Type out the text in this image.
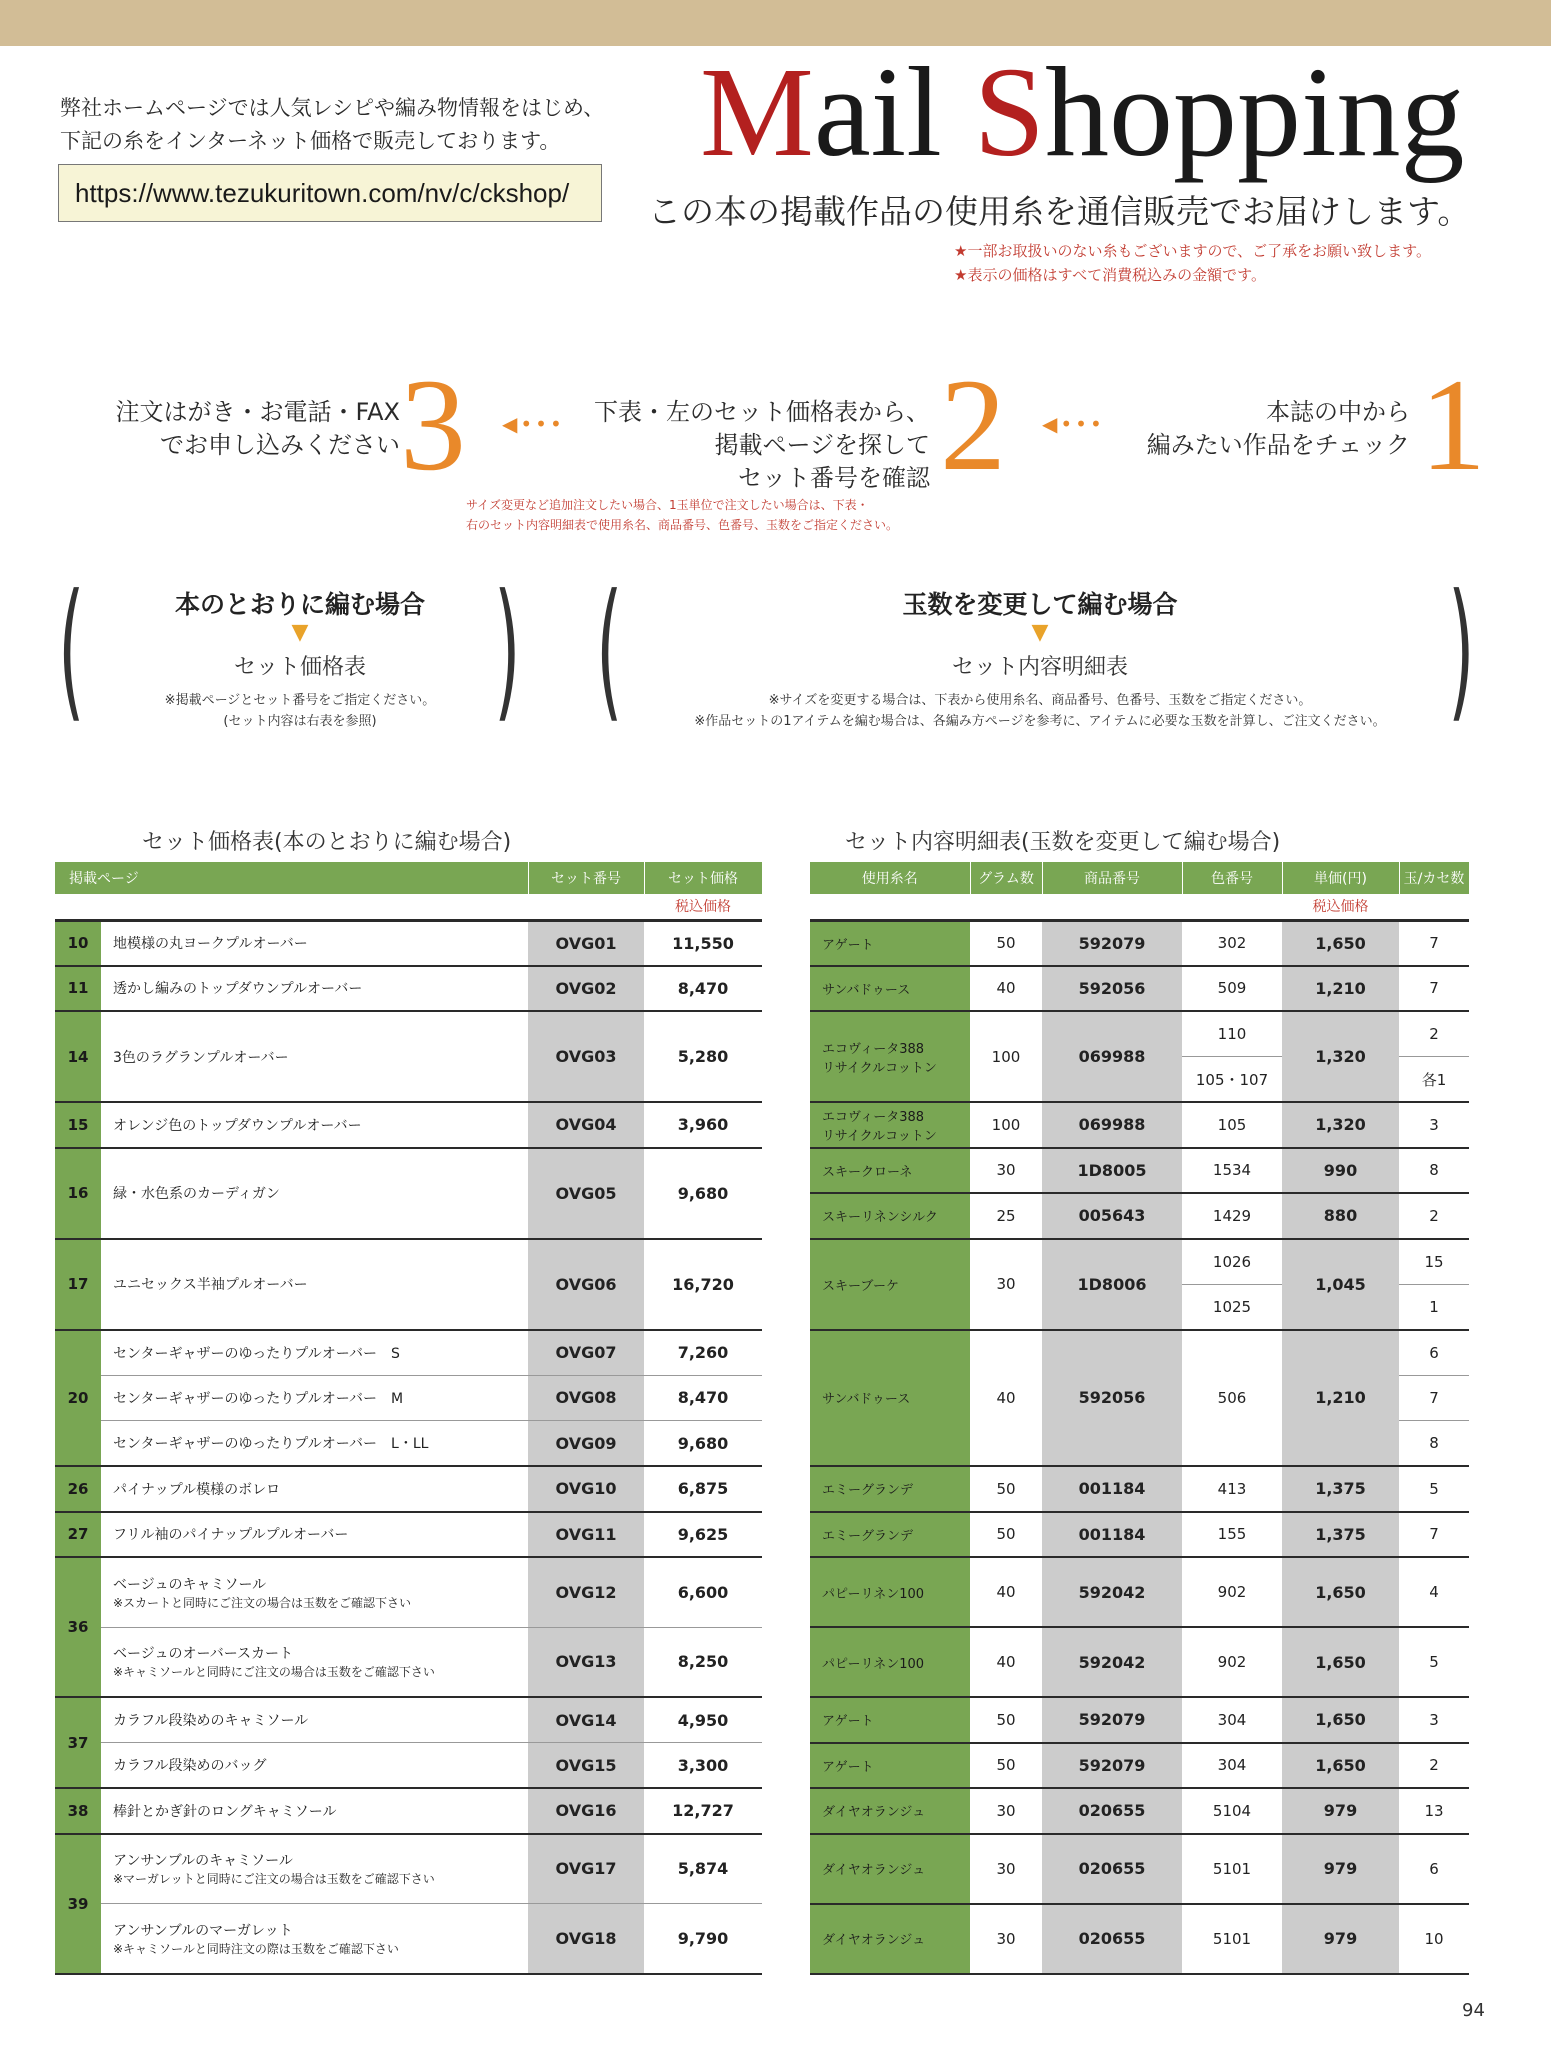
弊社ホームページでは人気レシピや編み物情報をはじめ、
下記の糸をインターネット価格で販売しております。
https://www.tezukuritown.com/nv/c/ckshop/
Mail Shopping
この本の掲載作品の使用糸を通信販売でお届けします。
★一部お取扱いのない糸もございますので、ご了承をお願い致します。
★表示の価格はすべて消費税込みの金額です。
本誌の中から
編みたい作品をチェック 1
◀•••
下表・左のセット価格表から、
掲載ページを探して
セット番号を確認 2
◀•••
注文はがき・お電話・FAX
でお申し込みください 3
サイズ変更など追加注文したい場合、1玉単位で注文したい場合は、下表・
右のセット内容明細表で使用糸名、商品番号、色番号、玉数をご指定ください。
(	)
本のとおりに編む場合
▼
セット価格表
※掲載ページとセット番号をご指定ください。
(セット内容は右表を参照)	(	)
玉数を変更して編む場合
▼
セット内容明細表
※サイズを変更する場合は、下表から使用糸名、商品番号、色番号、玉数をご指定ください。
※作品セットの1アイテムを編む場合は、各編み方ページを参考に、アイテムに必要な玉数を計算し、ご注文ください。
セット価格表(本のとおりに編む場合)	セット内容明細表(玉数を変更して編む場合)
掲載ページ		セット番号	セット価格
			税込価格
10	地模様の丸ヨークプルオーバー	OVG01	11,550
11	透かし編みのトップダウンプルオーバー	OVG02	8,470
14	3色のラグランプルオーバー	OVG03	5,280
15	オレンジ色のトップダウンプルオーバー	OVG04	3,960
16	緑・水色系のカーディガン	OVG05	9,680
17	ユニセックス半袖プルオーバー	OVG06	16,720
20	センターギャザーのゆったりプルオーバー　S	OVG07	7,260

	センターギャザーのゆったりプルオーバー　M	OVG08	8,470

	センターギャザーのゆったりプルオーバー　L・LL	OVG09	9,680
26	パイナップル模様のボレロ	OVG10	6,875
27	フリル袖のパイナップルプルオーバー	OVG11	9,625
36	ベージュのキャミソール
※スカートと同時にご注文の場合は玉数をご確認下さい	OVG12	6,600

	ベージュのオーバースカート
※キャミソールと同時にご注文の場合は玉数をご確認下さい	OVG13	8,250
37	カラフル段染めのキャミソール	OVG14	4,950

	カラフル段染めのバッグ	OVG15	3,300
38	棒針とかぎ針のロングキャミソール	OVG16	12,727
39	アンサンブルのキャミソール
※マーガレットと同時にご注文の場合は玉数をご確認下さい	OVG17	5,874

	アンサンブルのマーガレット
※キャミソールと同時注文の際は玉数をご確認下さい	OVG18	9,790
使用糸名	グラム数	商品番号	色番号	単価(円)	玉/カセ数
				税込価格	

アゲート	50	592079	302	1,650	7

サンバドゥース	40	592056	509	1,210	7

エコヴィータ388
リサイクルコットン	100	069988	110	1,320	2
			105・107		各1

エコヴィータ388
リサイクルコットン	100	069988	105	1,320	3

スキークローネ	30	1D8005	1534	990	8

スキーリネンシルク	25	005643	1429	880	2

スキーブーケ	30	1D8006	1026	1,045	15
			1025		1

サンバドゥース	40	592056	506	1,210	6
					7
					8

エミーグランデ	50	001184	413	1,375	5

エミーグランデ	50	001184	155	1,375	7

パピーリネン100	40	592042	902	1,650	4

パピーリネン100	40	592042	902	1,650	5

アゲート	50	592079	304	1,650	3

アゲート	50	592079	304	1,650	2

ダイヤオランジュ	30	020655	5104	979	13

ダイヤオランジュ	30	020655	5101	979	6

ダイヤオランジュ	30	020655	5101	979	10
94
